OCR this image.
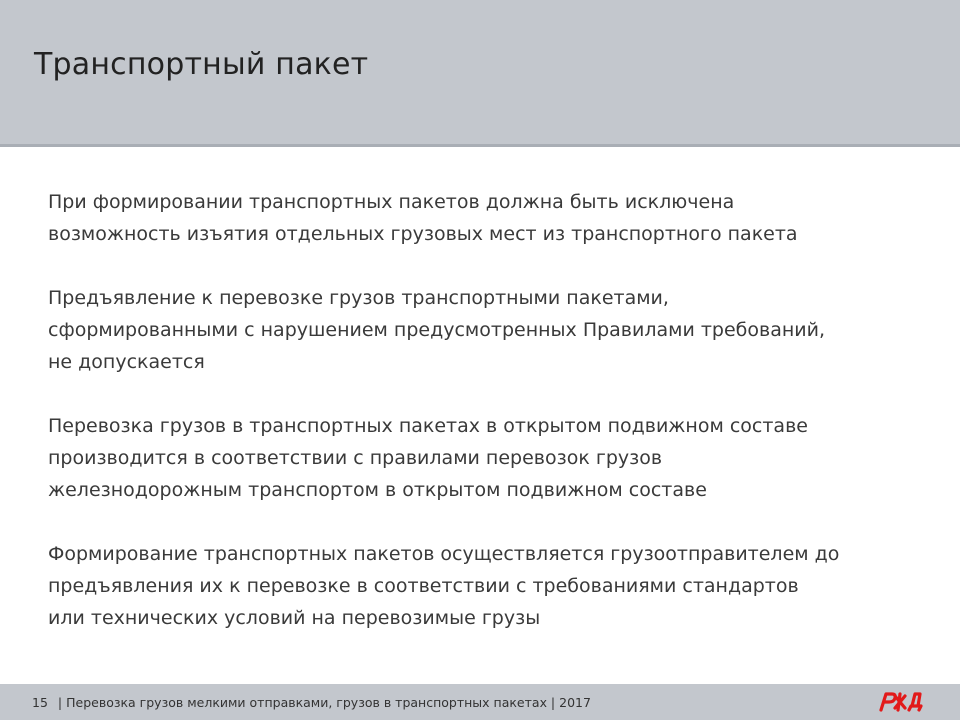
Транспортный пакет

При формировании транспортных пакетов должна быть исключена
возможность изъятия отдельных грузовых мест из транспортного пакета

Предъявление к перевозке грузов транспортными пакетами,
сформированными с нарушением предусмотренных Правилами требований,
не допускается

Перевозка грузов в транспортных пакетах в открытом подвижном составе
производится в соответствии с правилами перевозок грузов
железнодорожным транспортом в открытом подвижном составе

Формирование транспортных пакетов осуществляется грузоотправителем до
предъявления их к перевозке в соответствии с требованиями стандартов
или технических условий на перевозимые грузы

15 | Перевозка грузов мелкими отправками, грузов в транспортных пакетах | 2017
